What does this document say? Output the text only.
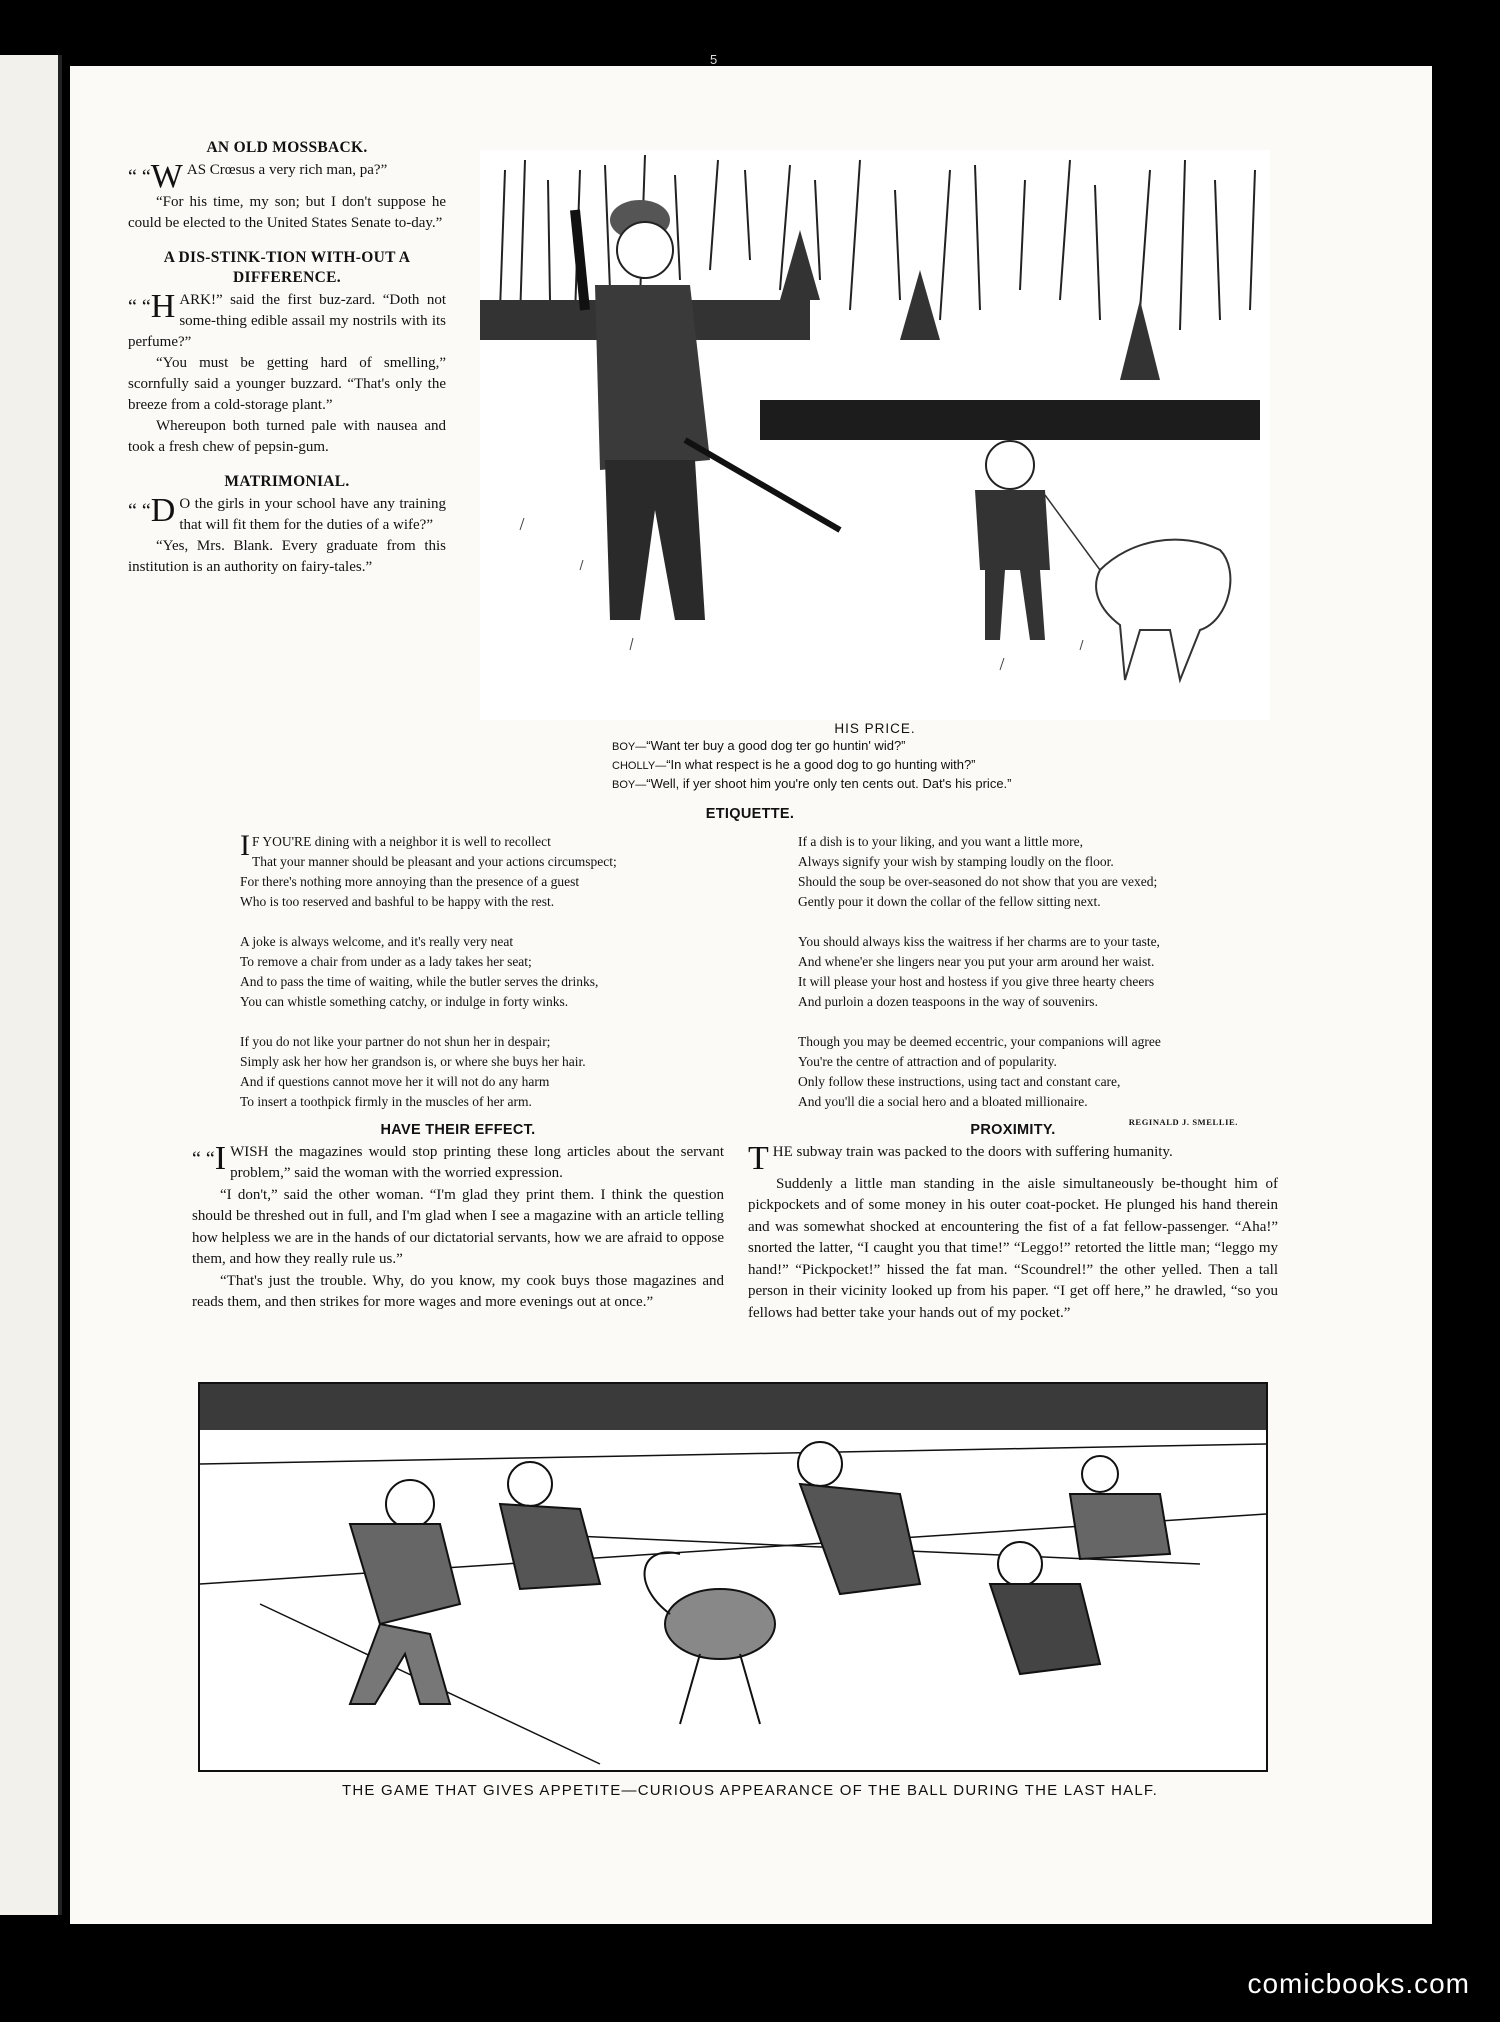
5
AN OLD MOSSBACK.
“ “W AS Crœsus a very rich man, pa?”

“For his time, my son; but I don't suppose he could be elected to the United States Senate to-day.”

A DIS-STINK-TION WITH-OUT A DIFFERENCE.
“ “H ARK!” said the first buz-zard. “Doth not some-thing edible assail my nostrils with its perfume?”

“You must be getting hard of smelling,” scornfully said a younger buzzard. “That's only the breeze from a cold-storage plant.”

Whereupon both turned pale with nausea and took a fresh chew of pepsin-gum.

MATRIMONIAL.
“ “D O the girls in your school have any training that will fit them for the duties of a wife?”

“Yes, Mrs. Blank. Every graduate from this institution is an authority on fairy-tales.”

HIS PRICE.
BOY—“Want ter buy a good dog ter go huntin' wid?”
CHOLLY—“In what respect is he a good dog to go hunting with?”
BOY—“Well, if yer shoot him you're only ten cents out. Dat's his price.”
ETIQUETTE.

I F YOU'RE dining with a neighbor it is well to recollect
That your manner should be pleasant and your actions circumspect;
For there's nothing more annoying than the presence of a guest
Who is too reserved and bashful to be happy with the rest.

A joke is always welcome, and it's really very neat
To remove a chair from under as a lady takes her seat;
And to pass the time of waiting, while the butler serves the drinks,
You can whistle something catchy, or indulge in forty winks.

If you do not like your partner do not shun her in despair;
Simply ask her how her grandson is, or where she buys her hair.
And if questions cannot move her it will not do any harm
To insert a toothpick firmly in the muscles of her arm.

If a dish is to your liking, and you want a little more,
Always signify your wish by stamping loudly on the floor.
Should the soup be over-seasoned do not show that you are vexed;
Gently pour it down the collar of the fellow sitting next.

You should always kiss the waitress if her charms are to your taste,
And whene'er she lingers near you put your arm around her waist.
It will please your host and hostess if you give three hearty cheers
And purloin a dozen teaspoons in the way of souvenirs.

Though you may be deemed eccentric, your companions will agree
You're the centre of attraction and of popularity.
Only follow these instructions, using tact and constant care,
And you'll die a social hero and a bloated millionaire.

REGINALD J. SMELLIE.
HAVE THEIR EFFECT.
“ “I WISH the magazines would stop printing these long articles about the servant problem,” said the woman with the worried expression.

“I don't,” said the other woman. “I'm glad they print them. I think the question should be threshed out in full, and I'm glad when I see a magazine with an article telling how helpless we are in the hands of our dictatorial servants, how we are afraid to oppose them, and how they really rule us.”

“That's just the trouble. Why, do you know, my cook buys those magazines and reads them, and then strikes for more wages and more evenings out at once.”

PROXIMITY.
T HE subway train was packed to the doors with suffering humanity.

Suddenly a little man standing in the aisle simultaneously be-thought him of pickpockets and of some money in his outer coat-pocket. He plunged his hand therein and was somewhat shocked at encountering the fist of a fat fellow-passenger. “Aha!” snorted the latter, “I caught you that time!” “Leggo!” retorted the little man; “leggo my hand!” “Pickpocket!” hissed the fat man. “Scoundrel!” the other yelled. Then a tall person in their vicinity looked up from his paper. “I get off here,” he drawled, “so you fellows had better take your hands out of my pocket.”

THE GAME THAT GIVES APPETITE—CURIOUS APPEARANCE OF THE BALL DURING THE LAST HALF.
comicbooks.com
